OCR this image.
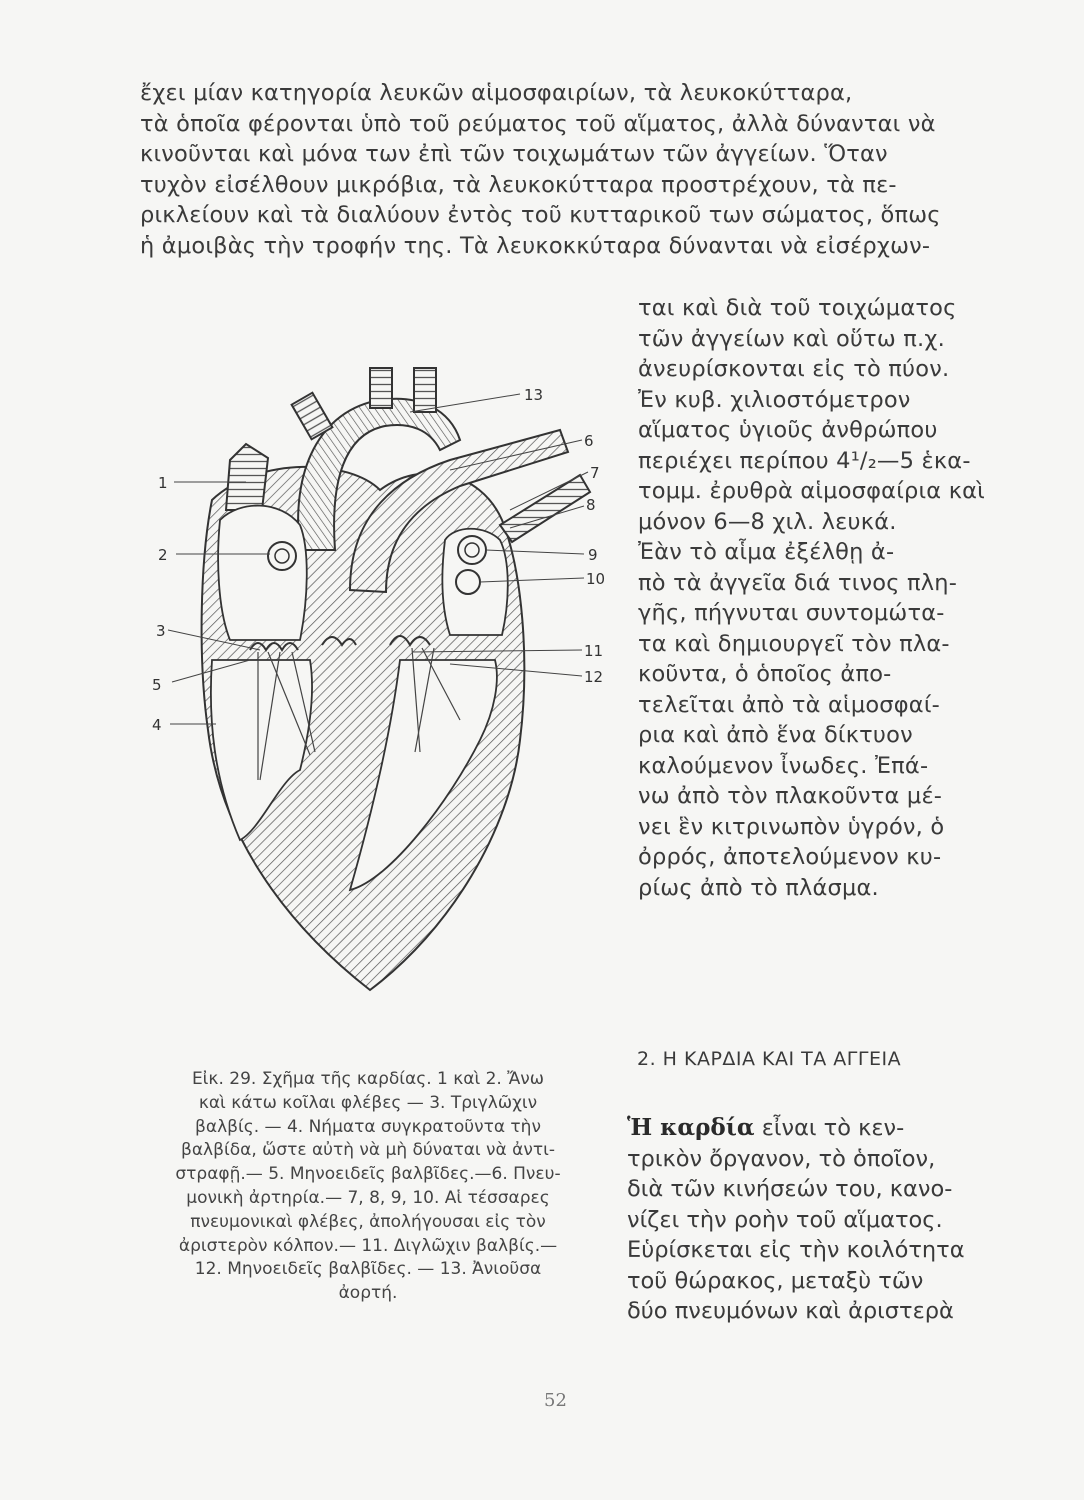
ἔχει μίαν κατηγορία λευκῶν αἱμοσφαιρίων, τὰ λευκοκύτταρα,
τὰ ὁποῖα φέρονται ὑπὸ τοῦ ρεύματος τοῦ αἵματος, ἀλλὰ δύνανται νὰ
κινοῦνται καὶ μόνα των ἐπὶ τῶν τοιχωμάτων τῶν ἀγγείων. Ὅταν
τυχὸν εἰσέλθουν μικρόβια, τὰ λευκοκύτταρα προστρέχουν, τὰ πε-
ρικλείουν καὶ τὰ διαλύουν ἐντὸς τοῦ κυτταρικοῦ των σώματος, ὅπως
ἡ ἀμοιβὰς τὴν τροφήν της. Τὰ λευκοκκύταρα δύνανται νὰ εἰσέρχων-
ται καὶ διὰ τοῦ τοιχώματος
τῶν ἀγγείων καὶ οὕτω π.χ.
ἀνευρίσκονται εἰς τὸ πύον.
Ἐν κυβ. χιλιοστόμετρον
αἵματος ὑγιοῦς ἀνθρώπου
περιέχει περίπου 4¹/₂—5 ἑκα-
τομμ. ἐρυθρὰ αἱμοσφαίρια καὶ
μόνον 6—8 χιλ. λευκά.
Ἐὰν τὸ αἷμα ἐξέλθῃ ἀ-
πὸ τὰ ἀγγεῖα διά τινος πλη-
γῆς, πήγνυται συντομώτα-
τα καὶ δημιουργεῖ τὸν πλα-
κοῦντα, ὁ ὁποῖος ἀπο-
τελεῖται ἀπὸ τὰ αἱμοσφαί-
ρια καὶ ἀπὸ ἕνα δίκτυον
καλούμενον ἶνωδες. Ἐπά-
νω ἀπὸ τὸν πλακοῦντα μέ-
νει ἓν κιτρινωπὸν ὑγρόν, ὁ
ὀρρός, ἀποτελούμενον κυ-
ρίως ἀπὸ τὸ πλάσμα.
1
2
3
5
4
13
6
7
8
9
10
11
12
Εἰκ. 29. Σχῆμα τῆς καρδίας. 1 καὶ 2. Ἄνω
καὶ κάτω κοῖλαι φλέβες — 3. Τριγλῶχιν
βαλβίς. — 4. Νήματα συγκρατοῦντα τὴν
βαλβίδα, ὥστε αὐτὴ νὰ μὴ δύναται νὰ ἀντι-
στραφῇ.— 5. Μηνοειδεῖς βαλβῖδες.—6. Πνευ-
μονικὴ ἀρτηρία.— 7, 8, 9, 10. Αἱ τέσσαρες
πνευμονικαὶ φλέβες, ἀπολήγουσαι εἰς τὸν
ἀριστερὸν κόλπον.— 11. Διγλῶχιν βαλβίς.—
12. Μηνοειδεῖς βαλβῖδες. — 13. Ἀνιοῦσα
ἀορτή.
2. Η ΚΑΡΔΙΑ ΚΑΙ ΤΑ ΑΓΓΕΙΑ
Ἡ καρδία εἶναι τὸ κεν-
τρικὸν ὄργανον, τὸ ὁποῖον,
διὰ τῶν κινήσεών του, κανο-
νίζει τὴν ροὴν τοῦ αἵματος.
Εὑρίσκεται εἰς τὴν κοιλότητα
τοῦ θώρακος, μεταξὺ τῶν
δύο πνευμόνων καὶ ἀριστερὰ
52
